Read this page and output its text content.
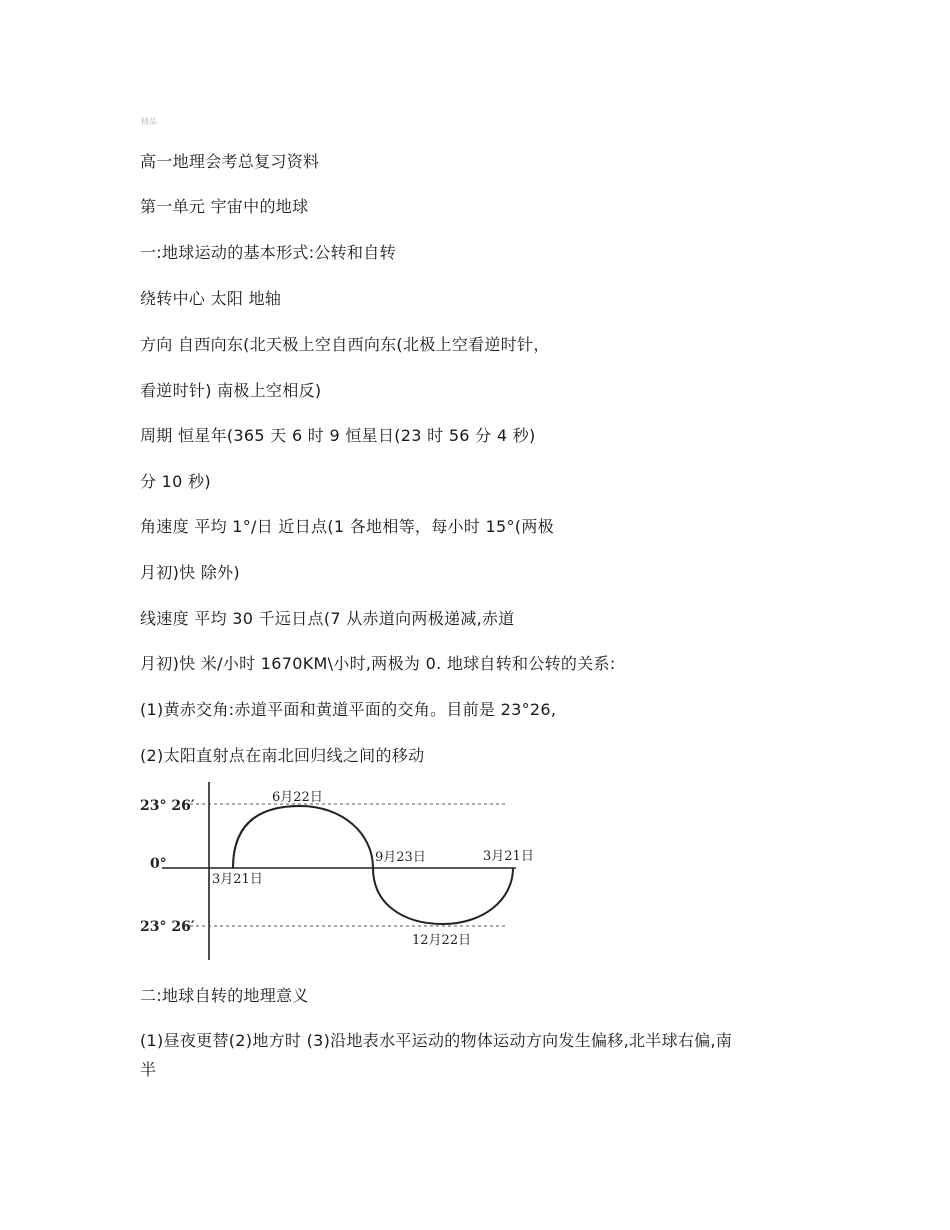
精品
高一地理会考总复习资料
第一单元 宇宙中的地球
一:地球运动的基本形式:公转和自转
绕转中心 太阳 地轴
方向 自西向东(北天极上空自西向东(北极上空看逆时针，
看逆时针) 南极上空相反)
周期 恒星年(365 天 6 时 9 恒星日(23 时 56 分 4 秒)
分 10 秒)
角速度 平均 1°/日 近日点(1 各地相等，每小时 15°(两极
月初)快 除外)
线速度 平均 30 千远日点(7 从赤道向两极递减,赤道
月初)快 米/小时 1670KM\小时,两极为 0. 地球自转和公转的关系:
(1)黄赤交角:赤道平面和黄道平面的交角。目前是 23°26,
(2)太阳直射点在南北回归线之间的移动
23° 26′
0°
23° 26′
6月22日
9月23日	3月21日
3月21日
12月22日
二:地球自转的地理意义
(1)昼夜更替(2)地方时 (3)沿地表水平运动的物体运动方向发生偏移,北半球右偏,南
半
